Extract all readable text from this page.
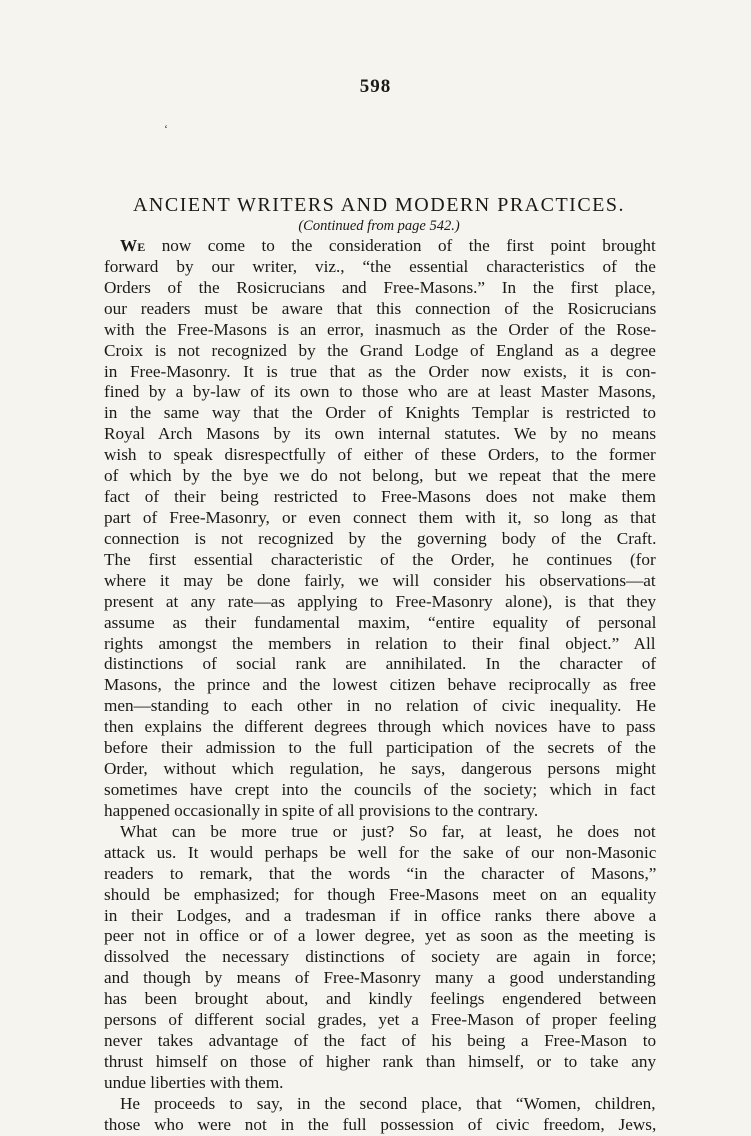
598
‘
ANCIENT WRITERS AND MODERN PRACTICES.
(Continued from page 542.)
We now come to the consideration of the first point brought
forward by our writer, viz., “the essential characteristics of the
Orders of the Rosicrucians and Free-Masons.” In the first place,
our readers must be aware that this connection of the Rosicrucians
with the Free-Masons is an error, inasmuch as the Order of the Rose-
Croix is not recognized by the Grand Lodge of England as a degree
in Free-Masonry. It is true that as the Order now exists, it is con-
fined by a by-law of its own to those who are at least Master Masons,
in the same way that the Order of Knights Templar is restricted to
Royal Arch Masons by its own internal statutes. We by no means
wish to speak disrespectfully of either of these Orders, to the former
of which by the bye we do not belong, but we repeat that the mere
fact of their being restricted to Free-Masons does not make them
part of Free-Masonry, or even connect them with it, so long as that
connection is not recognized by the governing body of the Craft.
The first essential characteristic of the Order, he continues (for
where it may be done fairly, we will consider his observations—at
present at any rate—as applying to Free-Masonry alone), is that they
assume as their fundamental maxim, “entire equality of personal
rights amongst the members in relation to their final object.” All
distinctions of social rank are annihilated. In the character of
Masons, the prince and the lowest citizen behave reciprocally as free
men—standing to each other in no relation of civic inequality. He
then explains the different degrees through which novices have to pass
before their admission to the full participation of the secrets of the
Order, without which regulation, he says, dangerous persons might
sometimes have crept into the councils of the society; which in fact
happened occasionally in spite of all provisions to the contrary.
What can be more true or just? So far, at least, he does not
attack us. It would perhaps be well for the sake of our non-Masonic
readers to remark, that the words “in the character of Masons,”
should be emphasized; for though Free-Masons meet on an equality
in their Lodges, and a tradesman if in office ranks there above a
peer not in office or of a lower degree, yet as soon as the meeting is
dissolved the necessary distinctions of society are again in force;
and though by means of Free-Masonry many a good understanding
has been brought about, and kindly feelings engendered between
persons of different social grades, yet a Free-Mason of proper feeling
never takes advantage of the fact of his being a Free-Mason to
thrust himself on those of higher rank than himself, or to take any
undue liberties with them.
He proceeds to say, in the second place, that “Women, children,
those who were not in the full possession of civic freedom, Jews,
